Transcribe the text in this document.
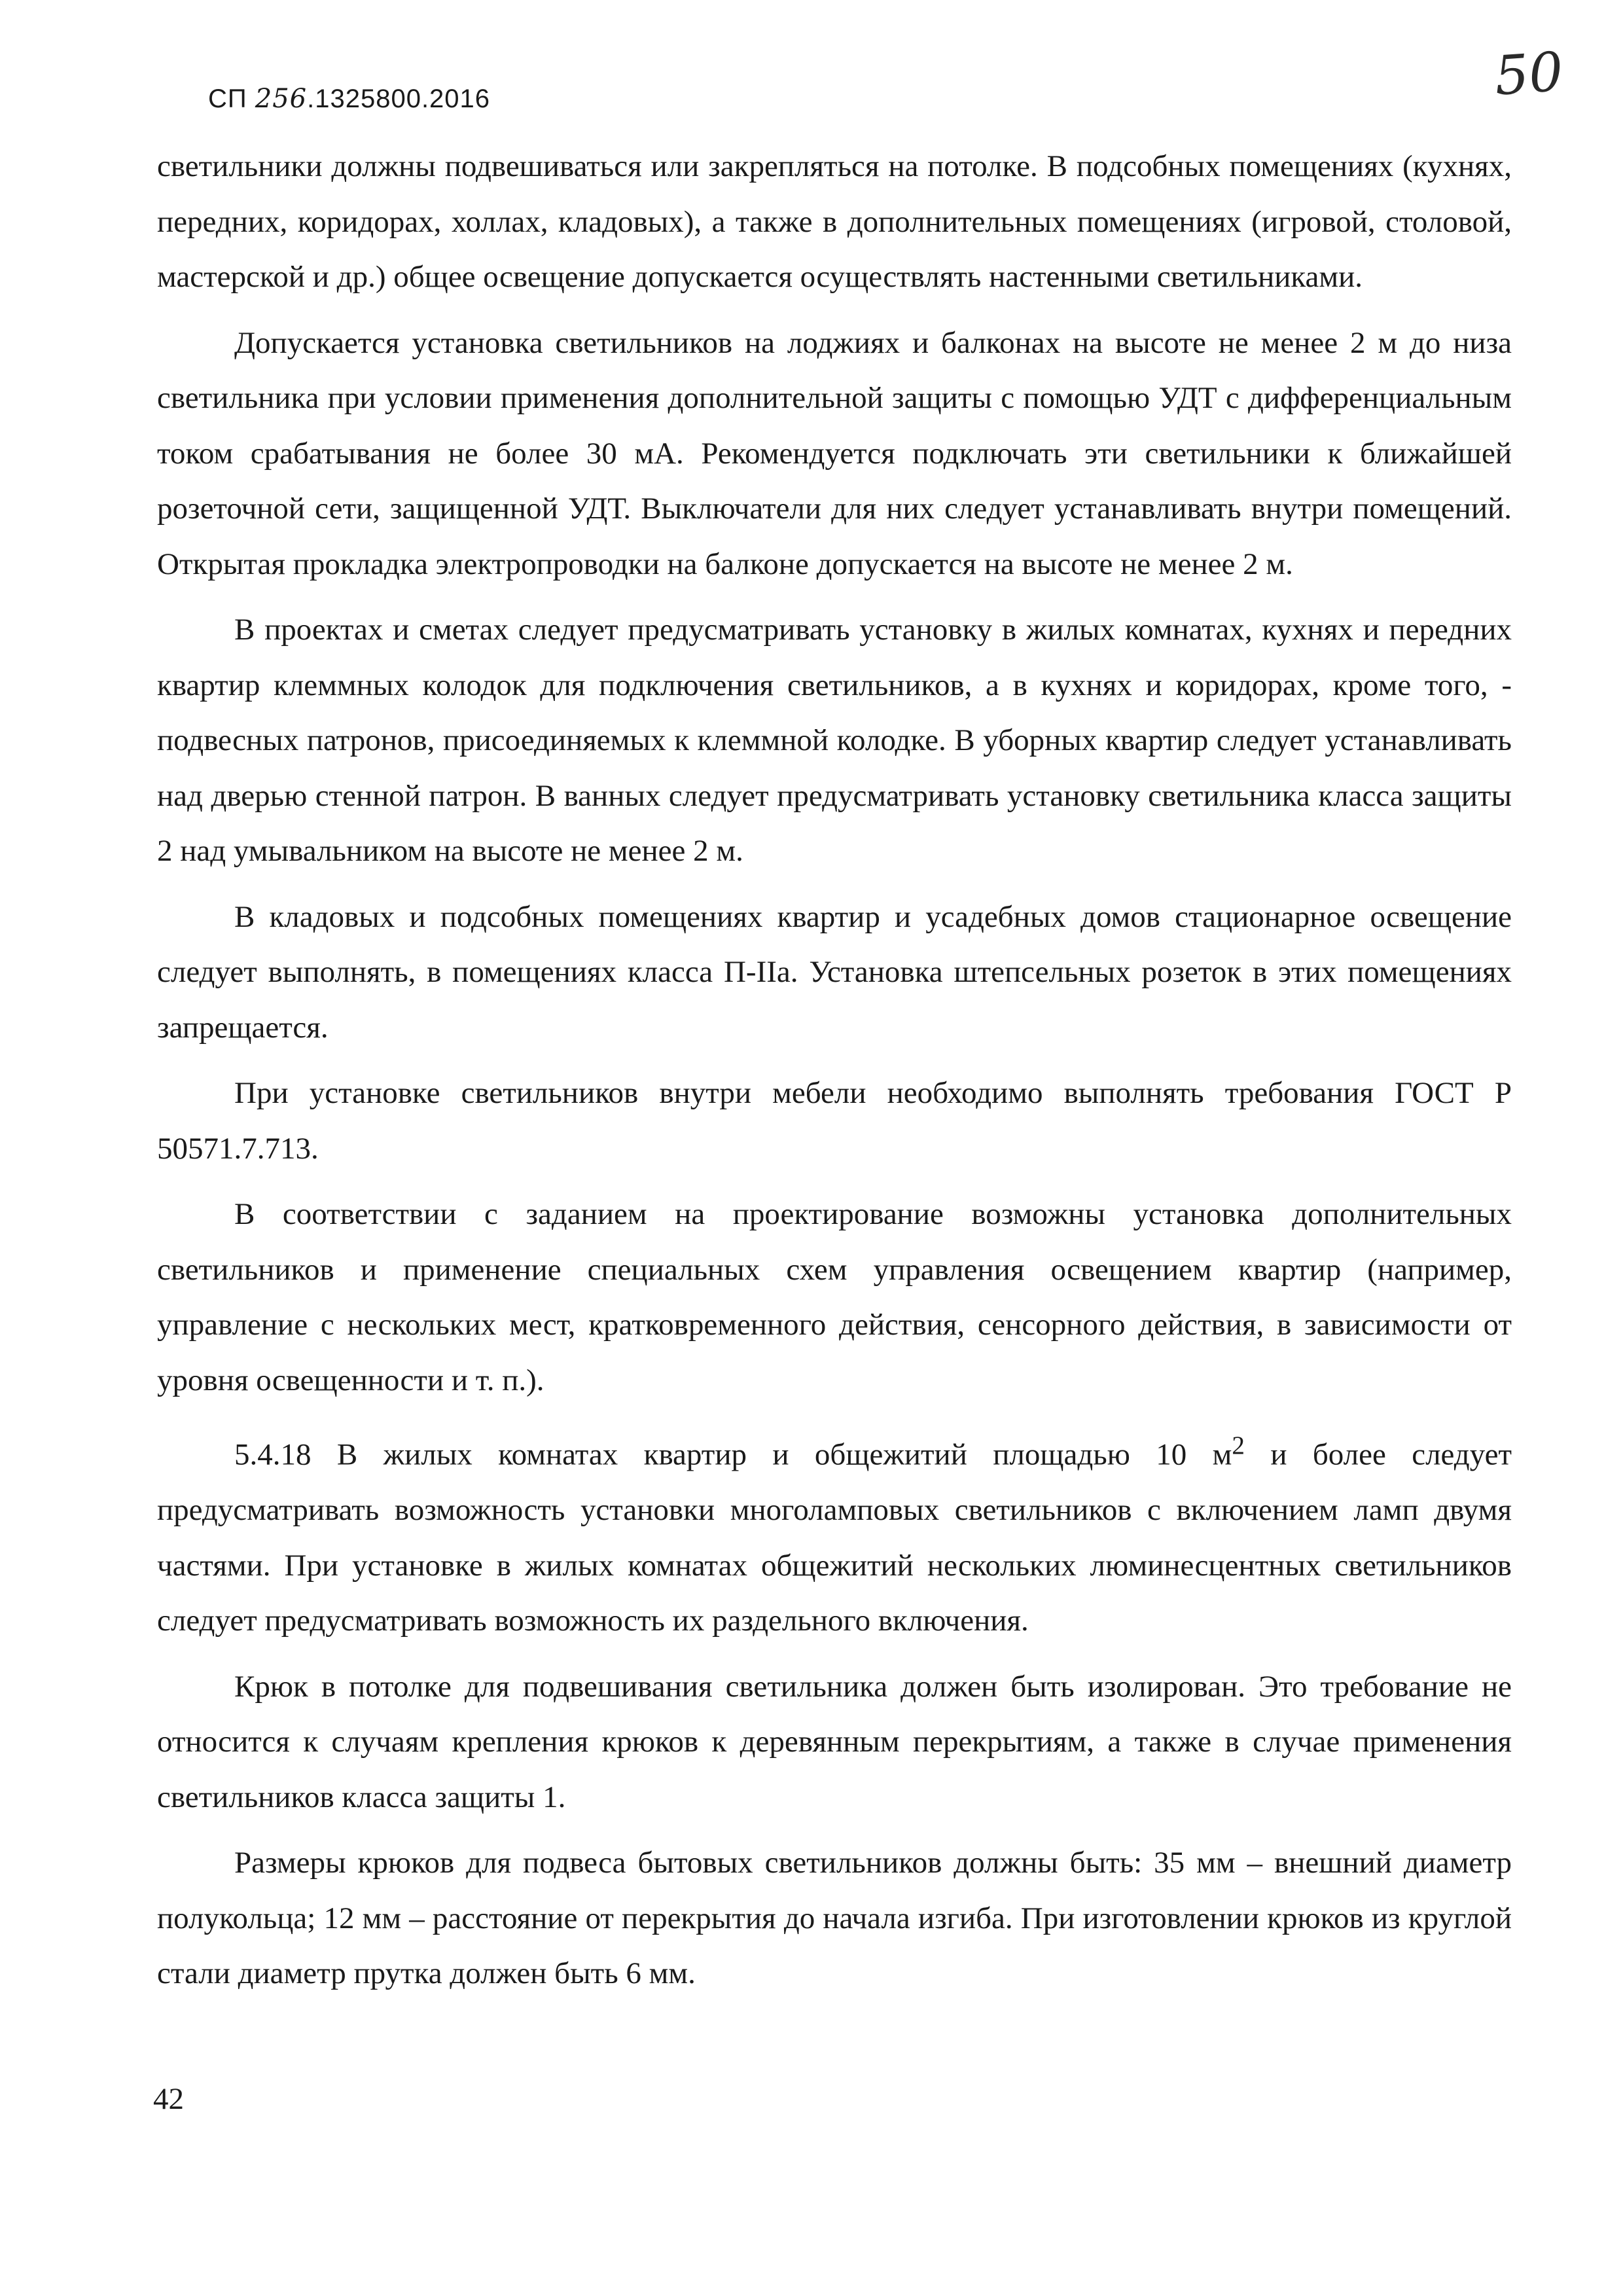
СП 256.1325800.2016	50

светильники должны подвешиваться или закрепляться на потолке. В подсобных помещениях (кухнях, передних, коридорах, холлах, кладовых), а также в дополнительных помещениях (игровой, столовой, мастерской и др.) общее освещение допускается осуществлять настенными светильниками.

Допускается установка светильников на лоджиях и балконах на высоте не менее 2 м до низа светильника при условии применения дополнительной защиты с помощью УДТ с дифференциальным током срабатывания не более 30 мА. Рекомендуется подключать эти светильники к ближайшей розеточной сети, защищенной УДТ. Выключатели для них следует устанавливать внутри помещений. Открытая прокладка электропроводки на балконе допускается на высоте не менее 2 м.

В проектах и сметах следует предусматривать установку в жилых комнатах, кухнях и передних квартир клеммных колодок для подключения светильников, а в кухнях и коридорах, кроме того, - подвесных патронов, присоединяемых к клеммной колодке. В уборных квартир следует устанавливать над дверью стенной патрон. В ванных следует предусматривать установку светильника класса защиты 2 над умывальником на высоте не менее 2 м.

В кладовых и подсобных помещениях квартир и усадебных домов стационарное освещение следует выполнять, в помещениях класса П-IIа. Установка штепсельных розеток в этих помещениях запрещается.

При установке светильников внутри мебели необходимо выполнять требования ГОСТ Р 50571.7.713.

В соответствии с заданием на проектирование возможны установка дополнительных светильников и применение специальных схем управления освещением квартир (например, управление с нескольких мест, кратковременного действия, сенсорного действия, в зависимости от уровня освещенности и т. п.).

5.4.18 В жилых комнатах квартир и общежитий площадью 10 $м^2$ и более следует предусматривать возможность установки многоламповых светильников с включением ламп двумя частями. При установке в жилых комнатах общежитий нескольких люминесцентных светильников следует предусматривать возможность их раздельного включения.

Крюк в потолке для подвешивания светильника должен быть изолирован. Это требование не относится к случаям крепления крюков к деревянным перекрытиям, а также в случае применения светильников класса защиты 1.

Размеры крюков для подвеса бытовых светильников должны быть: 35 мм – внешний диаметр полукольца; 12 мм – расстояние от перекрытия до начала изгиба. При изготовлении крюков из круглой стали диаметр прутка должен быть 6 мм.

42
